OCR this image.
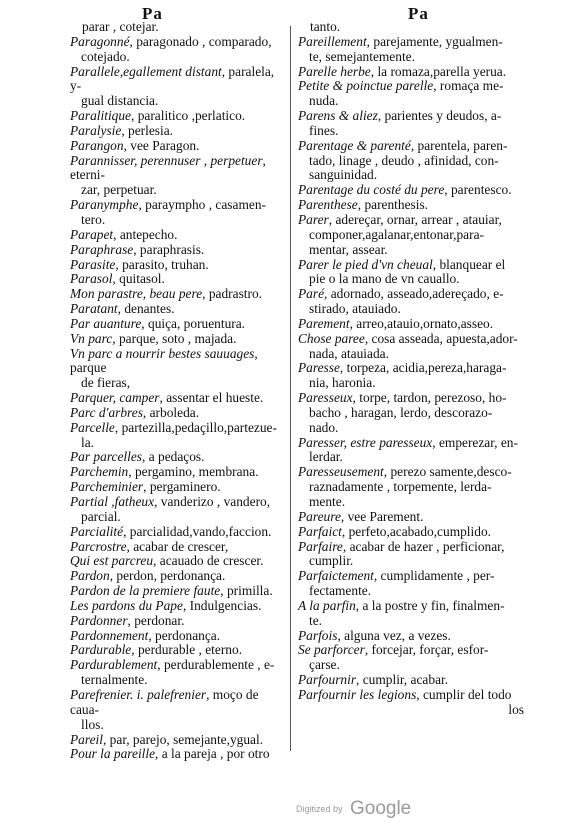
Pa	Pa
parar , cotejar.
Paragonné, paragonado , comparado,
cotejado.
Parallele,egallement distant, paralela, y-
gual distancia.
Paralitique, paralitico ,perlatico.
Paralysie, perlesia.
Parangon, vee Paragon.
Parannisser, perennuser , perpetuer, eterni-
zar, perpetuar.
Paranymphe, paraympho , casamen-
tero.
Parapet, antepecho.
Paraphrase, paraphrasis.
Parasite, parasito, truhan.
Parasol, quitasol.
Mon parastre, beau pere, padrastro.
Paratant, denantes.
Par auanture, quiça, poruentura.
Vn parc, parque, soto , majada.
Vn parc a nourrir bestes sauuages, parque
de fieras,
Parquer, camper, assentar el hueste.
Parc d'arbres, arboleda.
Parcelle, partezilla,pedaçillo,partezue-
la.
Par parcelles, a pedaços.
Parchemin, pergamino, membrana.
Parcheminier, pergaminero.
Partial ,fatheux, vanderizo , vandero,
parcial.
Parcialité, parcialidad,vando,faccion.
Parcrostre, acabar de crescer,
Qui est parcreu, acauado de crescer.
Pardon, perdon, perdonança.
Pardon de la premiere faute, primilla.
Les pardons du Pape, Indulgencias.
Pardonner, perdonar.
Pardonnement, perdonança.
Pardurable, perdurable , eterno.
Pardurablement, perdurablemente , e-
ternalmente.
Parefrenier. i. palefrenier, moço de caua-
llos.
Pareil, par, parejo, semejante,ygual.
Pour la pareille, a la pareja , por otro
tanto.
Pareillement, parejamente, ygualmen-
te, semejantemente.
Parelle herbe, la romaza,parella yerua.
Petite & poinctue parelle, romaça me-
nuda.
Parens & aliez, parientes y deudos, a-
fines.
Parentage & parenté, parentela, paren-
tado, linage , deudo , afinidad, con-
sanguinidad.
Parentage du costé du pere, parentesco.
Parenthese, parenthesis.
Parer, adereçar, ornar, arrear , atauiar,
componer,agalanar,entonar,para-
mentar, assear.
Parer le pied d'vn cheual, blanquear el
pie o la mano de vn cauallo.
Paré, adornado, asseado,adereçado, e-
stirado, atauiado.
Parement, arreo,atauio,ornato,asseo.
Chose paree, cosa asseada, apuesta,ador-
nada, atauiada.
Paresse, torpeza, acidia,pereza,haraga-
nia, haronia.
Paresseux, torpe, tardon, perezoso, ho-
bacho , haragan, lerdo, descorazo-
nado.
Paresser, estre paresseux, emperezar, en-
lerdar.
Paresseusement, perezo samente,desco-
raznadamente , torpemente, lerda-
mente.
Pareure, vee Parement.
Parfaict, perfeto,acabado,cumplido.
Parfaire, acabar de hazer , perficionar,
cumplir.
Parfaictement, cumplidamente , per-
fectamente.
A la parfin, a la postre y fin, finalmen-
te.
Parfois, alguna vez, a vezes.
Se parforcer, forcejar, forçar, esfor-
çarse.
Parfournir, cumplir, acabar.
Parfournir les legions, cumplir del todo
los
Digitized by Google
